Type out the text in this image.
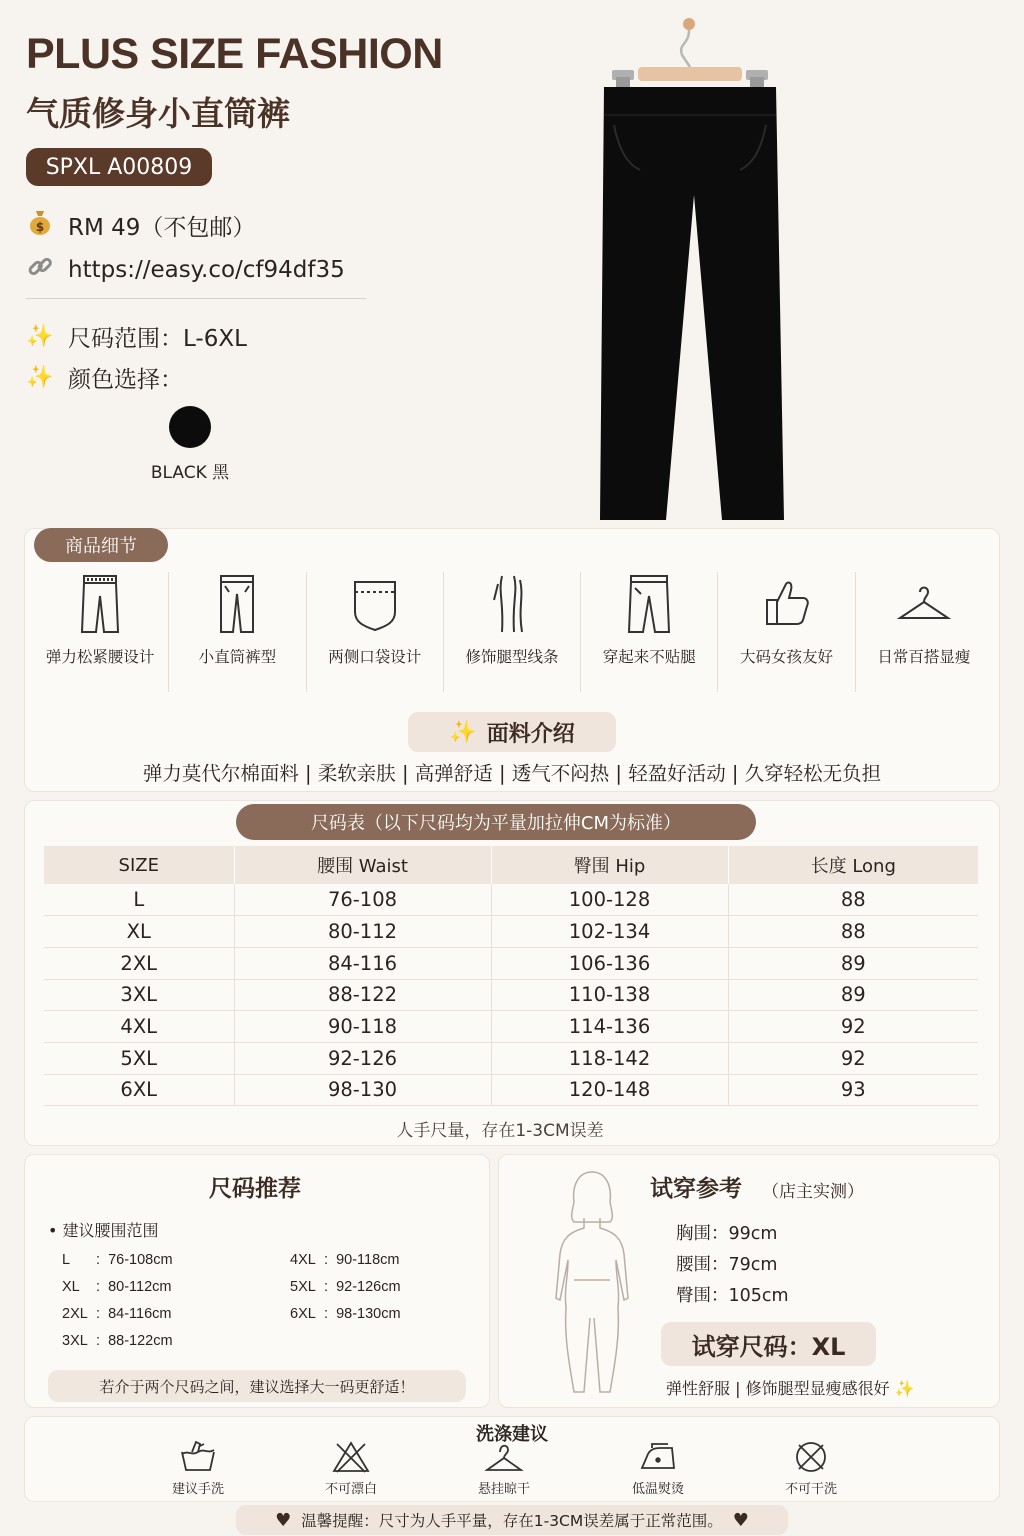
PLUS SIZE FASHION
气质修身小直筒裤
SPXL A00809
$ RM 49（不包邮）
https://easy.co/cf94df35
✨ 尺码范围：L-6XL
✨ 颜色选择：
BLACK 黑
商品细节
弹力松紧腰设计	小直筒裤型	两侧口袋设计	修饰腿型线条	穿起来不贴腿	大码女孩友好	日常百搭显瘦
✨ 面料介绍
弹力莫代尔棉面料 | 柔软亲肤 | 高弹舒适 | 透气不闷热 | 轻盈好活动 | 久穿轻松无负担
尺码表（以下尺码均为平量加拉伸CM为标准）
SIZE	腰围 Waist	臀围 Hip	长度 Long
L	76-108	100-128	88
XL	80-112	102-134	88
2XL	84-116	106-136	89
3XL	88-122	110-138	89
4XL	90-118	114-136	92
5XL	92-126	118-142	92
6XL	98-130	120-148	93
人手尺量，存在1-3CM误差
尺码推荐
• 建议腰围范围
L :  76-108cm
XL :  80-112cm
2XL :  84-116cm
3XL :  88-122cm
4XL :  90-118cm
5XL :  92-126cm
6XL :  98-130cm
若介于两个尺码之间，建议选择大一码更舒适！
试穿参考 （店主实测）
胸围：99cm
腰围：79cm
臀围：105cm
试穿尺码：XL
弹性舒服 | 修饰腿型显瘦感很好 ✨
洗涤建议
建议手洗	不可漂白	悬挂晾干	低温熨烫	不可干洗
♥ 温馨提醒：尺寸为人手平量，存在1-3CM误差属于正常范围。 ♥
